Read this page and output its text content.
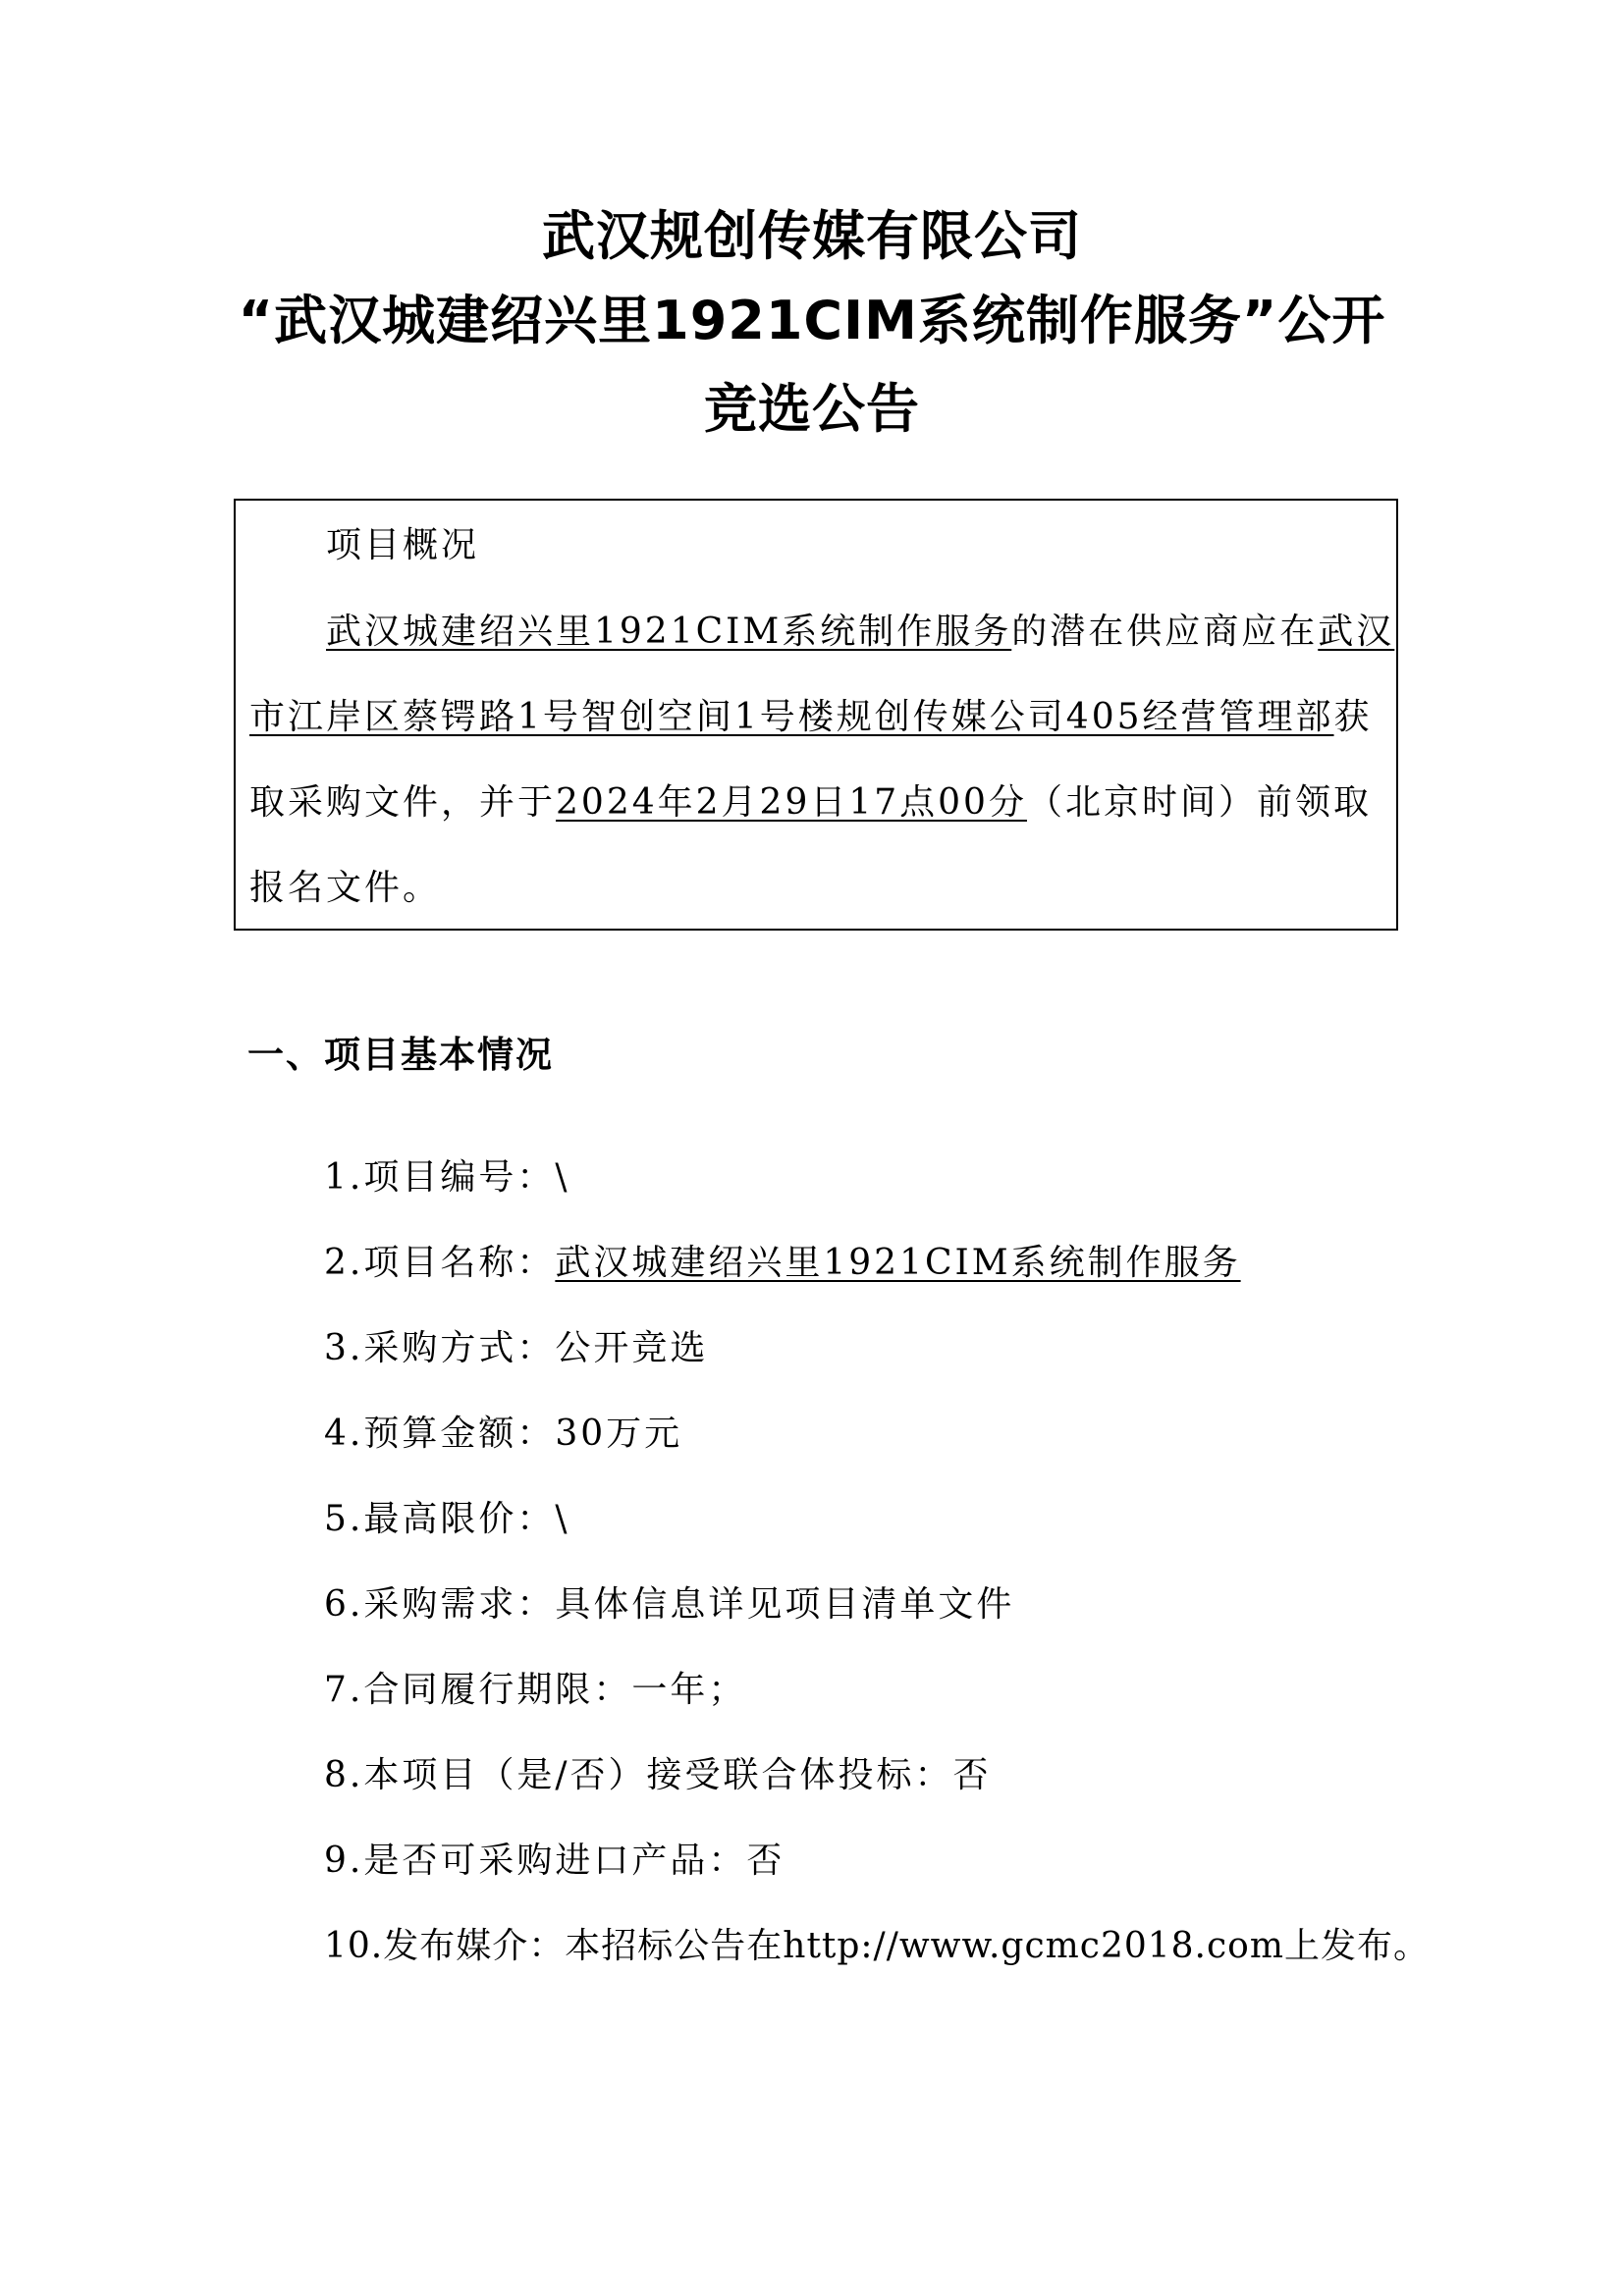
武汉规创传媒有限公司
“武汉城建绍兴里1921CIM系统制作服务”公开
竞选公告
项目概况
武汉城建绍兴里1921CIM系统制作服务的潜在供应商应在武汉
市江岸区蔡锷路1号智创空间1号楼规创传媒公司405经营管理部获
取采购文件，并于2024年2月29日17点00分（北京时间）前领取
报名文件。
一、项目基本情况
1.项目编号：\
2.项目名称：武汉城建绍兴里1921CIM系统制作服务
3.采购方式：公开竞选
4.预算金额：30万元
5.最高限价：\
6.采购需求：具体信息详见项目清单文件
7.合同履行期限：一年；
8.本项目（是/否）接受联合体投标：否
9.是否可采购进口产品：否
10.发布媒介：本招标公告在http://www.gcmc2018.com上发布。
